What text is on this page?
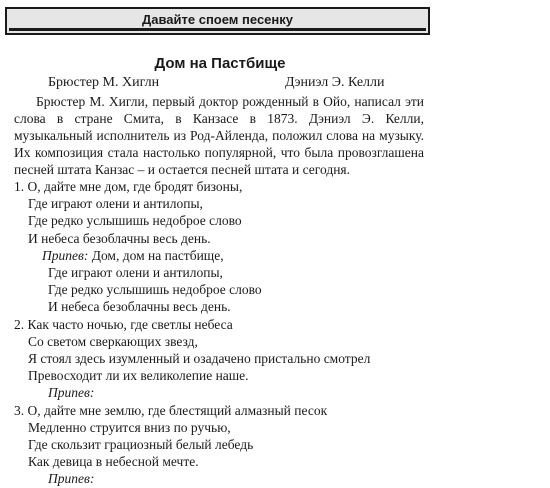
Давайте споем песенку
Дом на Пастбище
Брюстер М. Хиглн	Дэниэл Э. Келли

Брюстер М. Хигли, первый доктор рожденный в Ойо, написал эти слова в стране Смита, в Канзасе в 1873. Дэниэл Э. Келли, музыкальный исполнитель из Род-Айленда, положил слова на музыку. Их композиция стала настолько популярной, что была провозглашена песней штата Канзас – и остается песней штата и сегодня.

1. О, дайте мне дом, где бродят бизоны,
Где играют олени и антилопы,
Где редко услышишь недоброе слово
И небеса безоблачны весь день.
Припев: Дом, дом на пастбище,
Где играют олени и антилопы,
Где редко услышишь недоброе слово
И небеса безоблачны весь день.
2. Как часто ночью, где светлы небеса
Со светом сверкающих звезд,
Я стоял здесь изумленный и озадачено пристально смотрел
Превосходит ли их великолепие наше.
Припев:
3. О, дайте мне землю, где блестящий алмазный песок
Медленно струится вниз по ручью,
Где скользит грациозный белый лебедь
Как девица в небесной мечте.
Припев:
